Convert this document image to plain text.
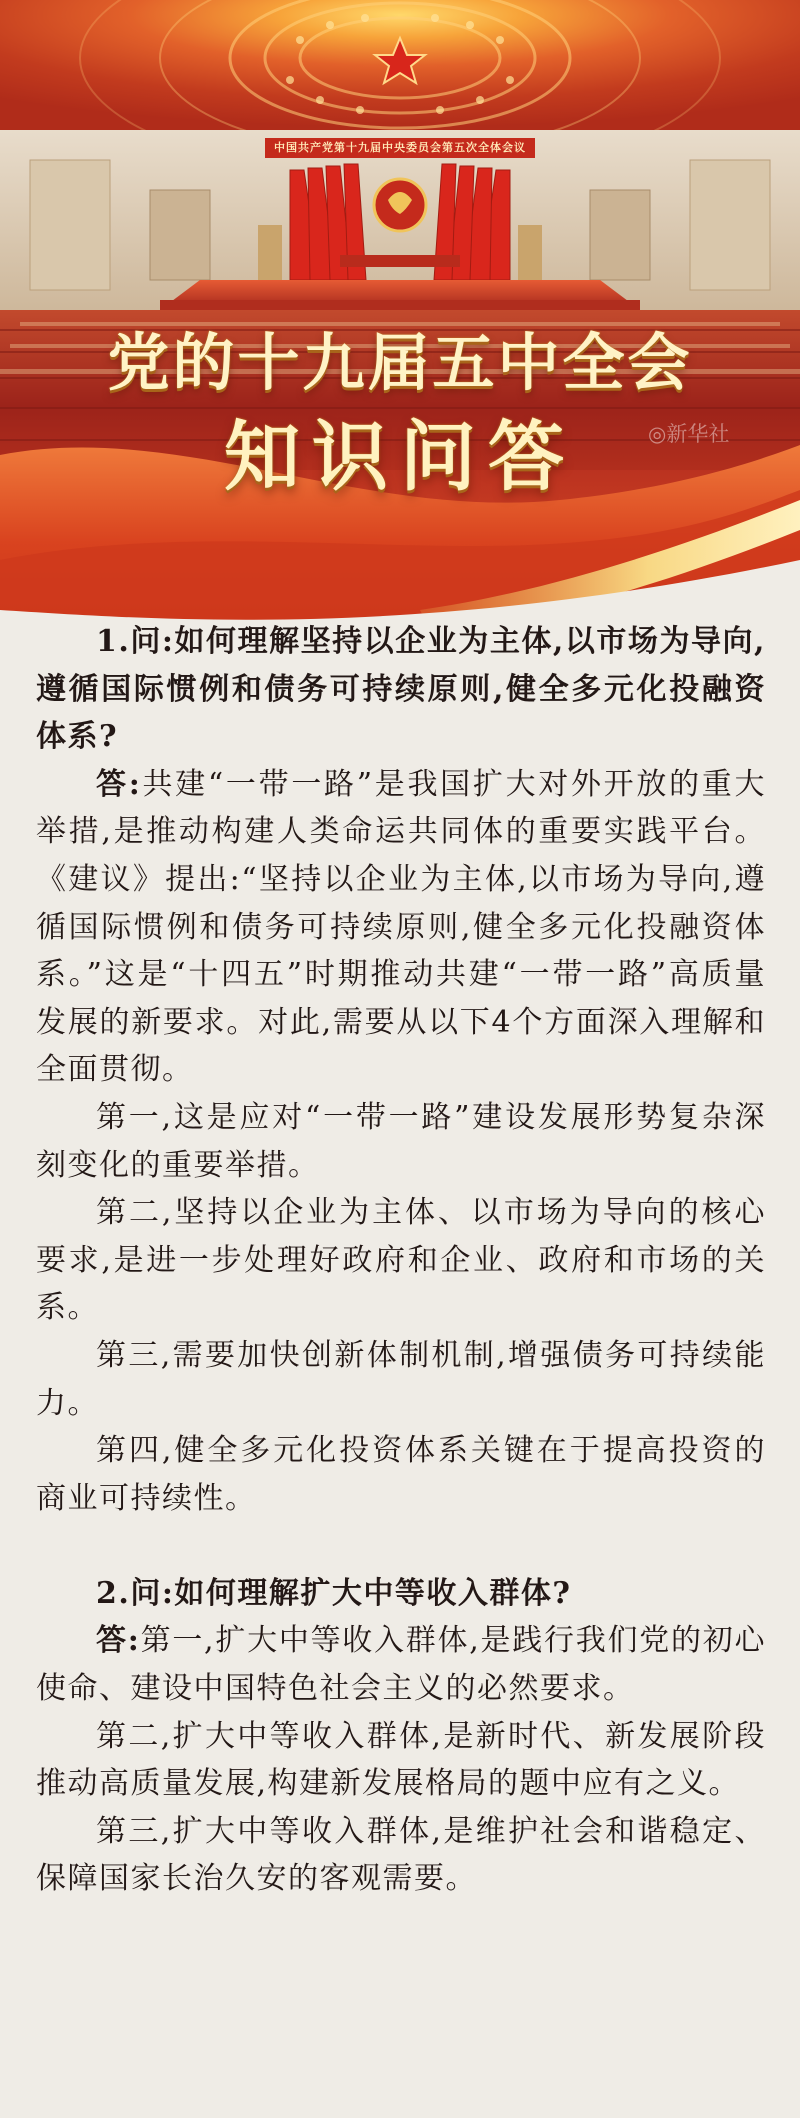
中国共产党第十九届中央委员会第五次全体会议
党的十九届五中全会
知识问答	◎新华社

1.问:如何理解坚持以企业为主体,以市场为导向,遵循国际惯例和债务可持续原则,健全多元化投融资体系?

答:共建“一带一路”是我国扩大对外开放的重大举措,是推动构建人类命运共同体的重要实践平台。《建议》提出:“坚持以企业为主体,以市场为导向,遵循国际惯例和债务可持续原则,健全多元化投融资体系。”这是“十四五”时期推动共建“一带一路”高质量发展的新要求。对此,需要从以下4个方面深入理解和全面贯彻。

第一,这是应对“一带一路”建设发展形势复杂深刻变化的重要举措。

第二,坚持以企业为主体、以市场为导向的核心要求,是进一步处理好政府和企业、政府和市场的关系。

第三,需要加快创新体制机制,增强债务可持续能力。

第四,健全多元化投资体系关键在于提高投资的商业可持续性。

2.问:如何理解扩大中等收入群体?

答:第一,扩大中等收入群体,是践行我们党的初心使命、建设中国特色社会主义的必然要求。

第二,扩大中等收入群体,是新时代、新发展阶段推动高质量发展,构建新发展格局的题中应有之义。

第三,扩大中等收入群体,是维护社会和谐稳定、保障国家长治久安的客观需要。
